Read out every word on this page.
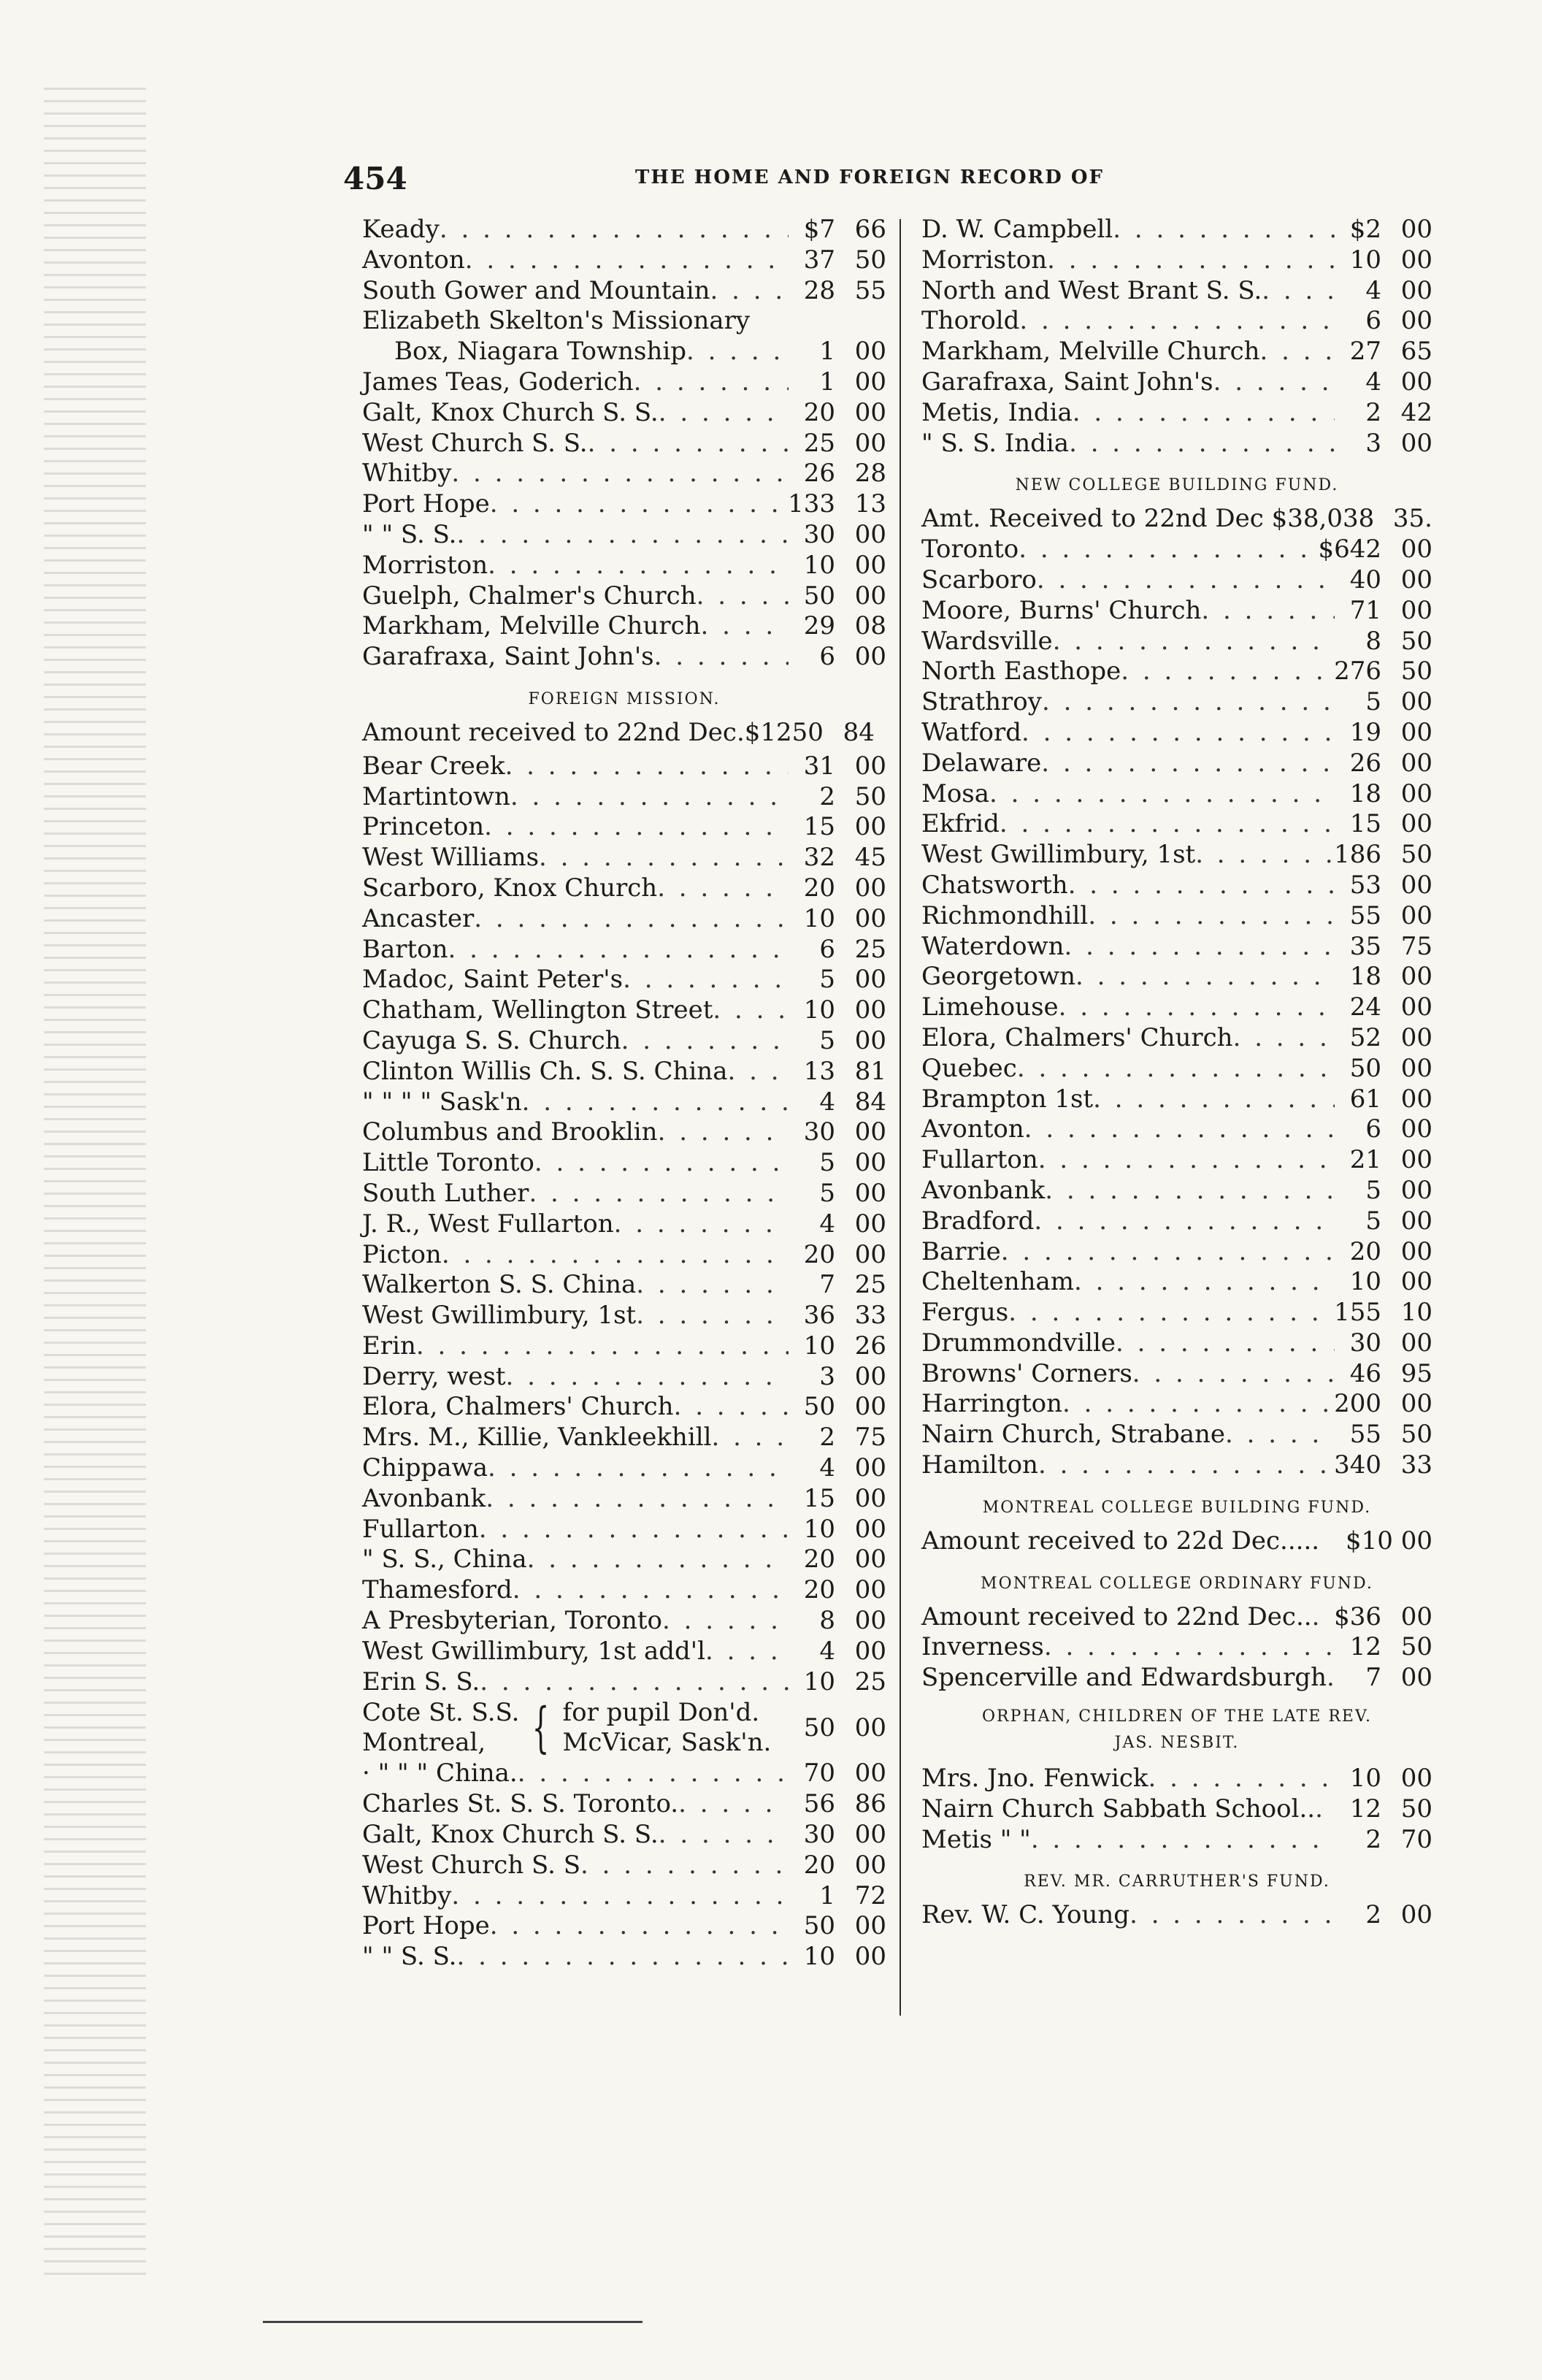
454	THE HOME AND FOREIGN RECORD OF
Keady . . .	$7 66
Avonton . . .	37 50
South Gower and Mountain . . .	28 55
Elizabeth Skelton's Missionary
Box, Niagara Township . . .	1 00
James Teas, Goderich . . .	1 00
Galt, Knox Church S. S. . . .	20 00
West Church S. S. . . .	25 00
Whitby . . .	26 28
Port Hope . . .	133 13
" " S. S. . . .	30 00
Morriston . . .	10 00
Guelph, Chalmer's Church . . .	50 00
Markham, Melville Church . . .	29 08
Garafraxa, Saint John's . . .	6 00
FOREIGN MISSION.
Amount received to 22nd Dec. $1250 84
Bear Creek . . .	31 00
Martintown . . .	2 50
Princeton . . .	15 00
West Williams . . .	32 45
Scarboro, Knox Church . . .	20 00
Ancaster . . .	10 00
Barton . . .	6 25
Madoc, Saint Peter's . . .	5 00
Chatham, Wellington Street . . .	10 00
Cayuga S. S. Church . . .	5 00
Clinton Willis Ch. S. S. China . . .	13 81
" " " " Sask'n . . .	4 84
Columbus and Brooklin . . .	30 00
Little Toronto . . .	5 00
South Luther . . .	5 00
J. R., West Fullarton . . .	4 00
Picton . . .	20 00
Walkerton S. S. China . . .	7 25
West Gwillimbury, 1st . . .	36 33
Erin . . .	10 26
Derry, west . . .	3 00
Elora, Chalmers' Church . . .	50 00
Mrs. M., Killie, Vankleekhill . . .	2 75
Chippawa . . .	4 00
Avonbank . . .	15 00
Fullarton . . .	10 00
" S. S., China . . .	20 00
Thamesford . . .	20 00
A Presbyterian, Toronto . . .	8 00
West Gwillimbury, 1st add'l . . .	4 00
Erin S. S. . . .	10 25
Cote St. S.S.
Montreal, { for pupil Don'd.
McVicar, Sask'n.	50 00
· " " " China. . . .	70 00
Charles St. S. S. Toronto. . . .	56 86
Galt, Knox Church S. S. . . .	30 00
West Church S. S . . .	20 00
Whitby . . .	1 72
Port Hope . . .	50 00
" " S. S. . . .	10 00
D. W. Campbell . . .	$2 00
Morriston . . .	10 00
North and West Brant S. S. . . .	4 00
Thorold . . .	6 00
Markham, Melville Church . . .	27 65
Garafraxa, Saint John's . . .	4 00
Metis, India . . .	2 42
" S. S. India . . .	3 00
NEW COLLEGE BUILDING FUND.
Amt. Received to 22nd Dec $38,038 35.
Toronto . . .	$642 00
Scarboro . . .	40 00
Moore, Burns' Church . . .	71 00
Wardsville . . .	8 50
North Easthope . . .	276 50
Strathroy . . .	5 00
Watford . . .	19 00
Delaware . . .	26 00
Mosa . . .	18 00
Ekfrid . . .	15 00
West Gwillimbury, 1st . . .	186 50
Chatsworth . . .	53 00
Richmondhill . . .	55 00
Waterdown . . .	35 75
Georgetown . . .	18 00
Limehouse . . .	24 00
Elora, Chalmers' Church . . .	52 00
Quebec . . .	50 00
Brampton 1st . . .	61 00
Avonton . . .	6 00
Fullarton . . .	21 00
Avonbank . . .	5 00
Bradford . . .	5 00
Barrie . . .	20 00
Cheltenham . . .	10 00
Fergus . . .	155 10
Drummondville . . .	30 00
Browns' Corners . . .	46 95
Harrington . . .	200 00
Nairn Church, Strabane . . .	55 50
Hamilton . . .	340 33
MONTREAL COLLEGE BUILDING FUND.
Amount received to 22d Dec..... $10 00
MONTREAL COLLEGE ORDINARY FUND.
Amount received to 22nd Dec.. . . . $36 00
Inverness . . .	12 50
Spencerville and Edwardsburgh . . .	7 00
ORPHAN, CHILDREN OF THE LATE REV.
JAS. NESBIT.
Mrs. Jno. Fenwick . . .	10 00
Nairn Church Sabbath School.. . . .	12 50
Metis " " . . .	2 70
REV. MR. CARRUTHER'S FUND.
Rev. W. C. Young . . .	2 00
